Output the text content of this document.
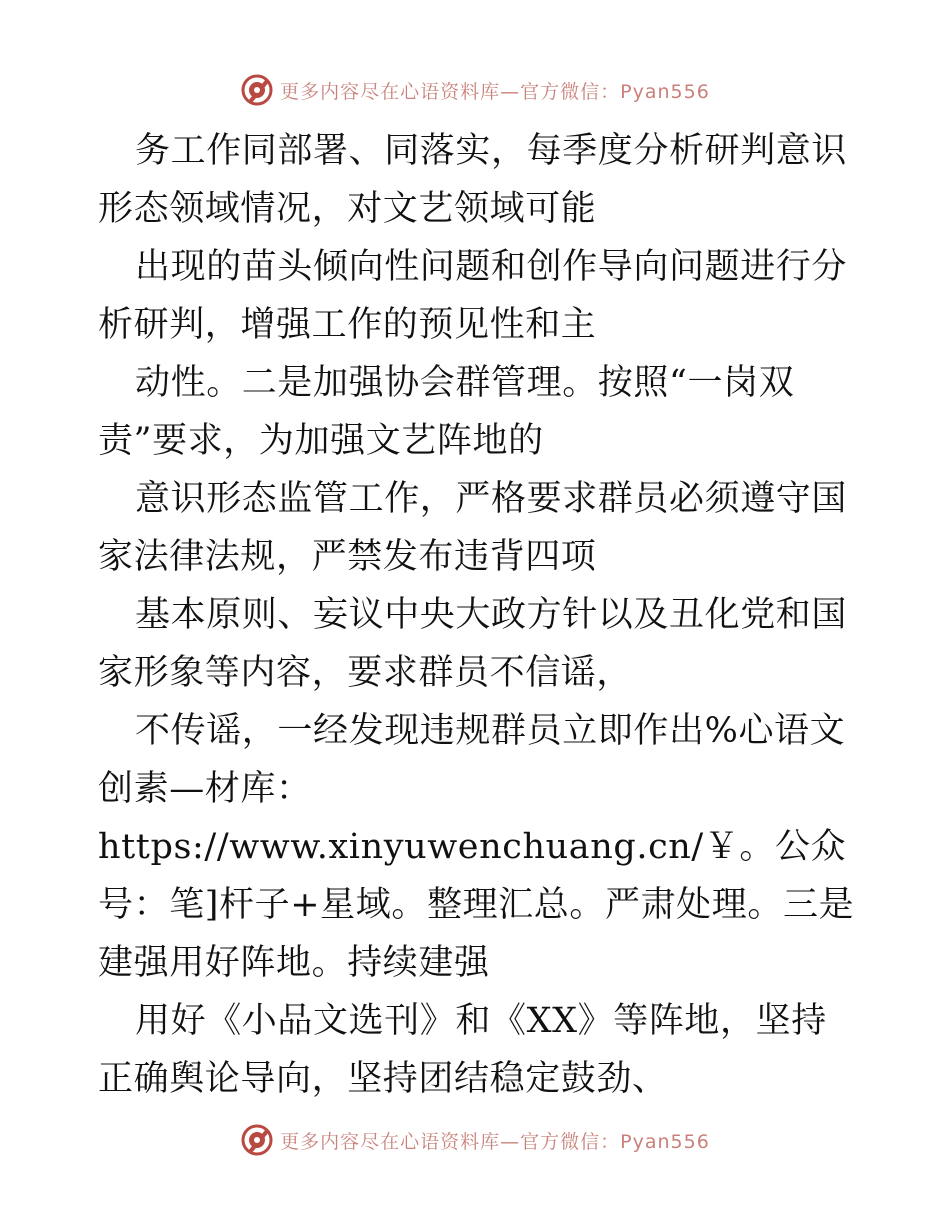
更多内容尽在心语资料库—官方微信：Pyan556

务工作同部署、同落实，每季度分析研判意识形态领域情况，对文艺领域可能

出现的苗头倾向性问题和创作导向问题进行分析研判，增强工作的预见性和主

动性。二是加强协会群管理。按照“一岗双责”要求，为加强文艺阵地的

意识形态监管工作，严格要求群员必须遵守国家法律法规，严禁发布违背四项

基本原则、妄议中央大政方针以及丑化党和国家形象等内容，要求群员不信谣，

不传谣，一经发现违规群员立即作出%心语文创素—材库：https://www.xinyuwenchuang.cn/￥。公众号：笔]杆子+星域。整理汇总。严肃处理。三是建强用好阵地。持续建强

用好《小品文选刊》和《XX》等阵地，坚持正确舆论导向，坚持团结稳定鼓劲、

更多内容尽在心语资料库—官方微信：Pyan556
